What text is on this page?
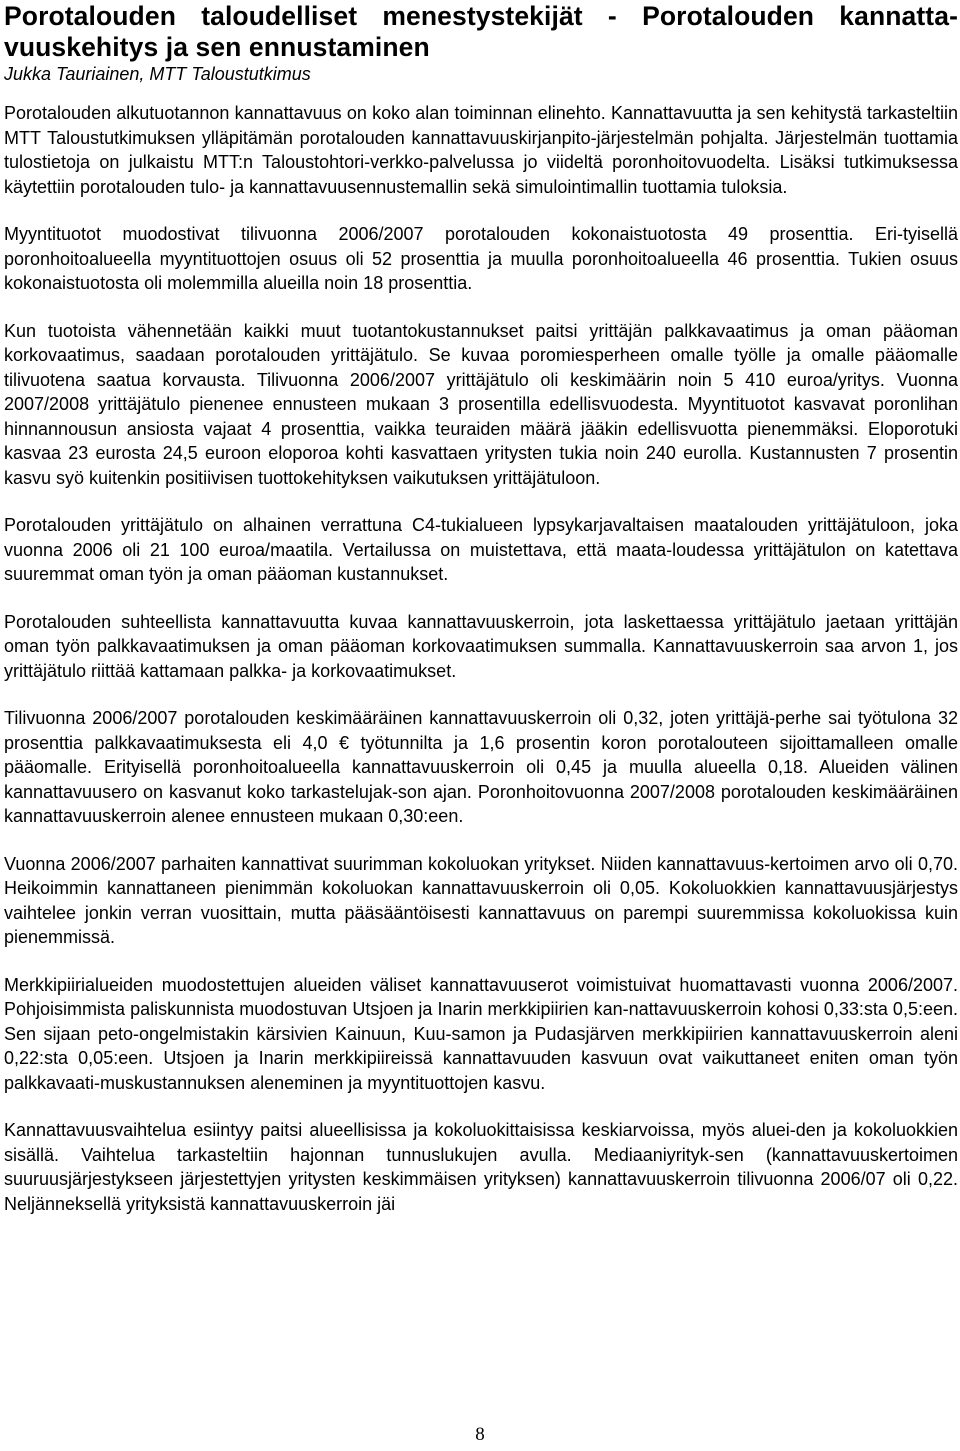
Porotalouden taloudelliset menestystekijät - Porotalouden kannatta-vuuskehitys ja sen ennustaminen
Jukka Tauriainen, MTT Taloustutkimus

Porotalouden alkutuotannon kannattavuus on koko alan toiminnan elinehto. Kannattavuutta ja sen kehitystä tarkasteltiin MTT Taloustutkimuksen ylläpitämän porotalouden kannattavuuskirjanpito-järjestelmän pohjalta. Järjestelmän tuottamia tulostietoja on julkaistu MTT:n Taloustohtori-verkko-palvelussa jo viideltä poronhoitovuodelta. Lisäksi tutkimuksessa käytettiin porotalouden tulo- ja kannattavuusennustemallin sekä simulointimallin tuottamia tuloksia.

Myyntituotot muodostivat tilivuonna 2006/2007 porotalouden kokonaistuotosta 49 prosenttia. Eri-tyisellä poronhoitoalueella myyntituottojen osuus oli 52 prosenttia ja muulla poronhoitoalueella 46 prosenttia. Tukien osuus kokonaistuotosta oli molemmilla alueilla noin 18 prosenttia.

Kun tuotoista vähennetään kaikki muut tuotantokustannukset paitsi yrittäjän palkkavaatimus ja oman pääoman korkovaatimus, saadaan porotalouden yrittäjätulo. Se kuvaa poromiesperheen omalle työlle ja omalle pääomalle tilivuotena saatua korvausta. Tilivuonna 2006/2007 yrittäjätulo oli keskimäärin noin 5 410 euroa/yritys. Vuonna 2007/2008 yrittäjätulo pienenee ennusteen mukaan 3 prosentilla edellisvuodesta. Myyntituotot kasvavat poronlihan hinnannousun ansiosta vajaat 4 prosenttia, vaikka teuraiden määrä jääkin edellisvuotta pienemmäksi. Eloporotuki kasvaa 23 eurosta 24,5 euroon eloporoa kohti kasvattaen yritysten tukia noin 240 eurolla. Kustannusten 7 prosentin kasvu syö kuitenkin positiivisen tuottokehityksen vaikutuksen yrittäjätuloon.

Porotalouden yrittäjätulo on alhainen verrattuna C4-tukialueen lypsykarjavaltaisen maatalouden yrittäjätuloon, joka vuonna 2006 oli 21 100 euroa/maatila. Vertailussa on muistettava, että maata-loudessa yrittäjätulon on katettava suuremmat oman työn ja oman pääoman kustannukset.

Porotalouden suhteellista kannattavuutta kuvaa kannattavuuskerroin, jota laskettaessa yrittäjätulo jaetaan yrittäjän oman työn palkkavaatimuksen ja oman pääoman korkovaatimuksen summalla. Kannattavuuskerroin saa arvon 1, jos yrittäjätulo riittää kattamaan palkka- ja korkovaatimukset.

Tilivuonna 2006/2007 porotalouden keskimääräinen kannattavuuskerroin oli 0,32, joten yrittäjä-perhe sai työtulona 32 prosenttia palkkavaatimuksesta eli 4,0 € työtunnilta ja 1,6 prosentin koron porotalouteen sijoittamalleen omalle pääomalle. Erityisellä poronhoitoalueella kannattavuuskerroin oli 0,45 ja muulla alueella 0,18. Alueiden välinen kannattavuusero on kasvanut koko tarkastelujak-son ajan. Poronhoitovuonna 2007/2008 porotalouden keskimääräinen kannattavuuskerroin alenee ennusteen mukaan 0,30:een.

Vuonna 2006/2007 parhaiten kannattivat suurimman kokoluokan yritykset. Niiden kannattavuus-kertoimen arvo oli 0,70. Heikoimmin kannattaneen pienimmän kokoluokan kannattavuuskerroin oli 0,05. Kokoluokkien kannattavuusjärjestys vaihtelee jonkin verran vuosittain, mutta pääsääntöisesti kannattavuus on parempi suuremmissa kokoluokissa kuin pienemmissä.

Merkkipiirialueiden muodostettujen alueiden väliset kannattavuuserot voimistuivat huomattavasti vuonna 2006/2007. Pohjoisimmista paliskunnista muodostuvan Utsjoen ja Inarin merkkipiirien kan-nattavuuskerroin kohosi 0,33:sta 0,5:een. Sen sijaan peto-ongelmistakin kärsivien Kainuun, Kuu-samon ja Pudasjärven merkkipiirien kannattavuuskerroin aleni 0,22:sta 0,05:een. Utsjoen ja Inarin merkkipiireissä kannattavuuden kasvuun ovat vaikuttaneet eniten oman työn palkkavaati-muskustannuksen aleneminen ja myyntituottojen kasvu.

Kannattavuusvaihtelua esiintyy paitsi alueellisissa ja kokoluokittaisissa keskiarvoissa, myös aluei-den ja kokoluokkien sisällä. Vaihtelua tarkasteltiin hajonnan tunnuslukujen avulla. Mediaaniyrityk-sen (kannattavuuskertoimen suuruusjärjestykseen järjestettyjen yritysten keskimmäisen yrityksen) kannattavuuskerroin tilivuonna 2006/07 oli 0,22. Neljänneksellä yrityksistä kannattavuuskerroin jäi

8
